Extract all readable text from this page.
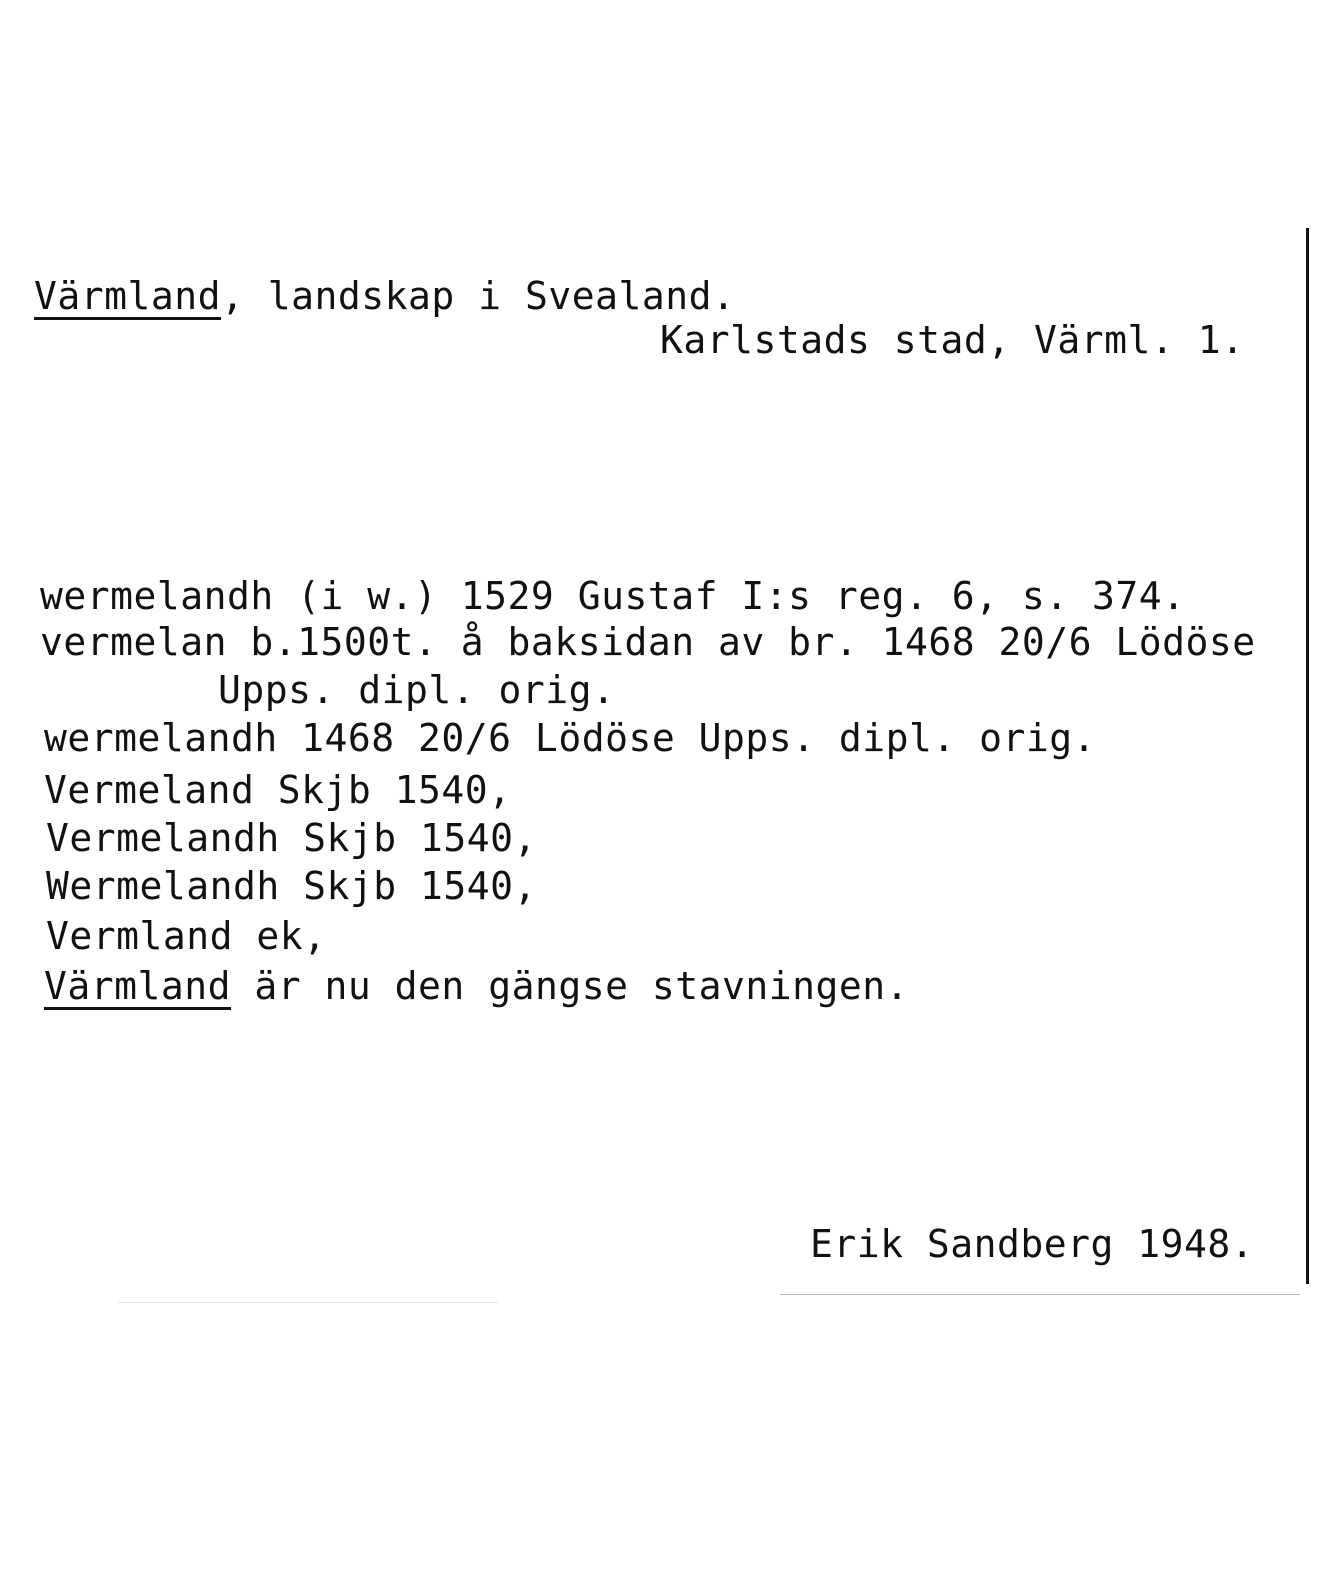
Värmland, landskap i Svealand.
Karlstads stad, Värml. 1.
wermelandh (i w.) 1529 Gustaf I:s reg. 6, s. 374.
vermelan b.1500t. å baksidan av br. 1468 20/6 Lödöse
Upps. dipl. orig.
wermelandh 1468 20/6 Lödöse Upps. dipl. orig.
Vermeland Skjb 1540,
Vermelandh Skjb 1540,
Wermelandh Skjb 1540,
Vermland ek,
Värmland är nu den gängse stavningen.
Erik Sandberg 1948.
